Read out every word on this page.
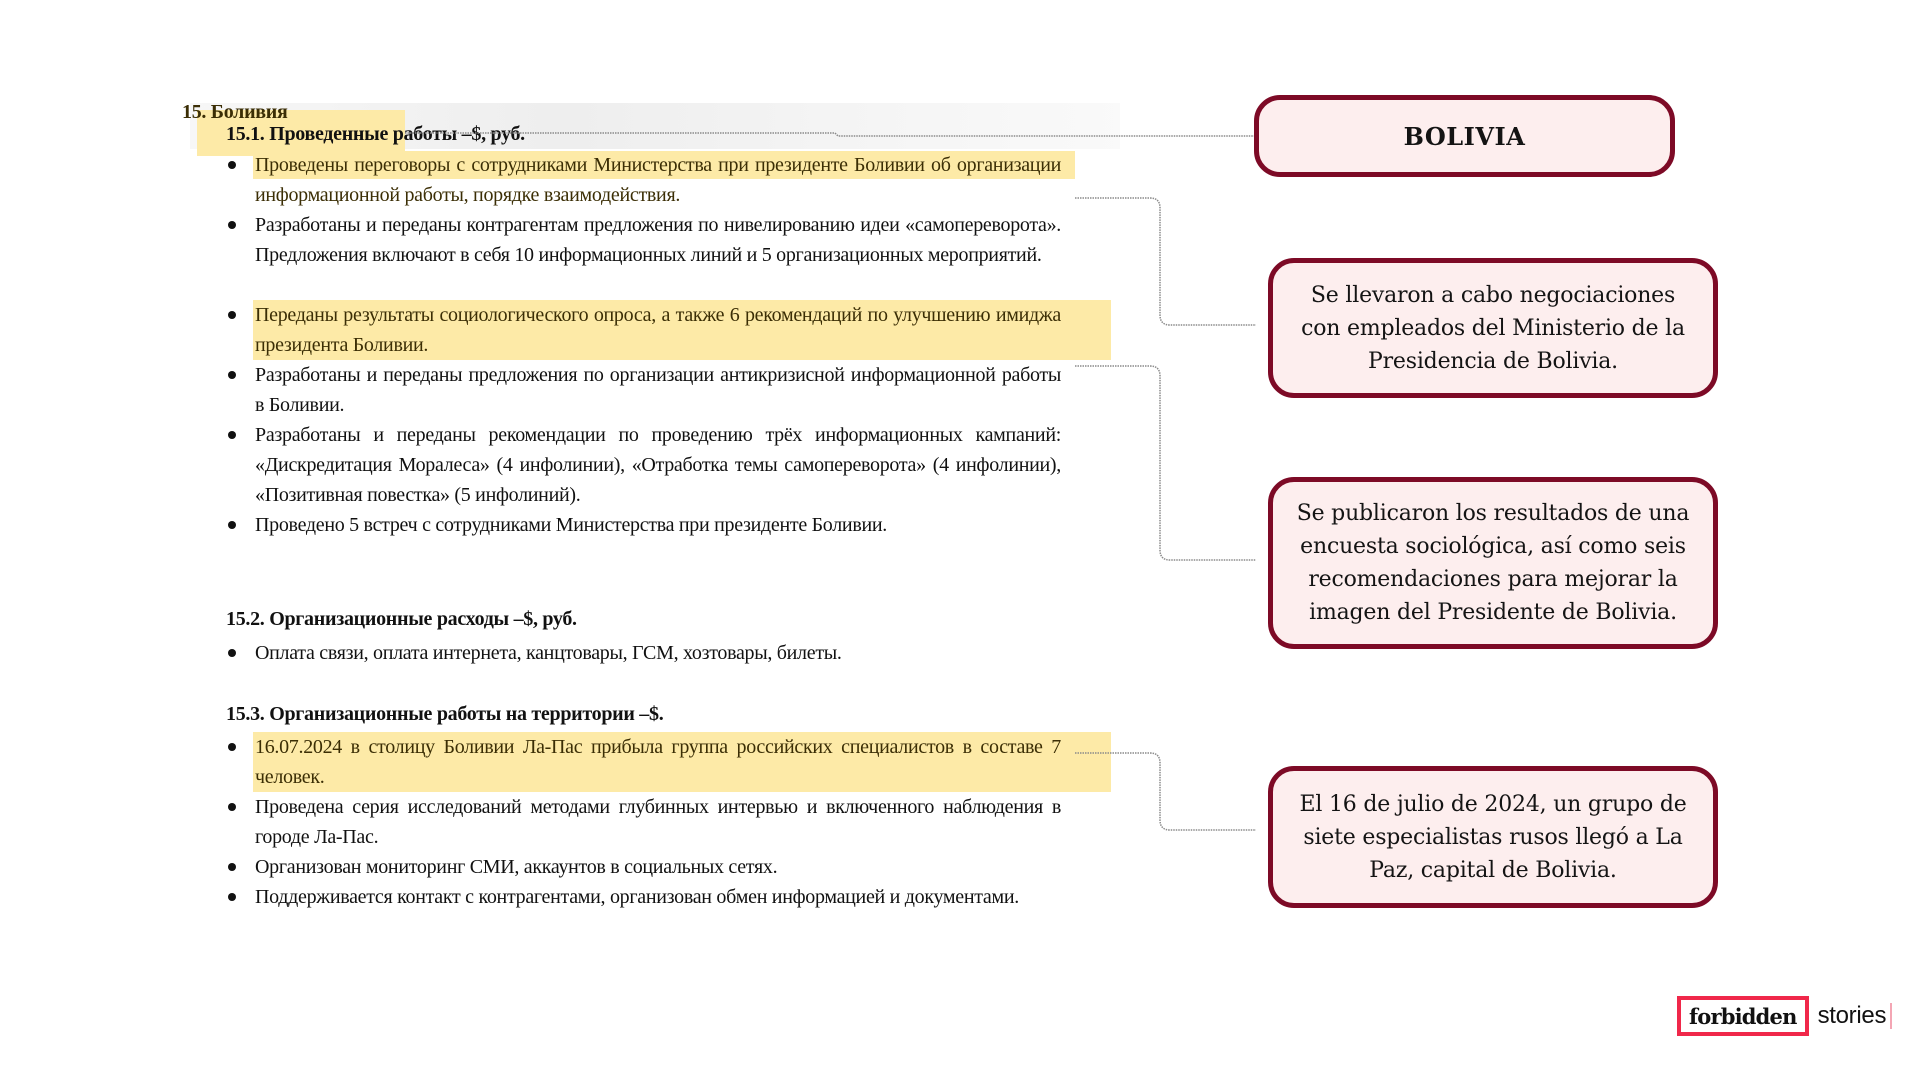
15. Боливия
15.1. Проведенные работы –$, руб.
Проведены переговоры с сотрудниками Министерства при президенте Боливии об организации информационной работы, порядке взаимодействия.
Разработаны и переданы контрагентам предложения по нивелированию идеи «самопереворота». Предложения включают в себя 10 информационных линий и 5 организационных мероприятий.
Переданы результаты социологического опроса, а также 6 рекомендаций по улучшению имиджа президента Боливии.
Разработаны и переданы предложения по организации антикризисной информационной работы в Боливии.
Разработаны и переданы рекомендации по проведению трёх информационных кампаний: «Дискредитация Моралеса» (4 инфолинии), «Отработка темы самопереворота» (4 инфолинии), «Позитивная повестка» (5 инфолиний).
Проведено 5 встреч с сотрудниками Министерства при президенте Боливии.
15.2. Организационные расходы –$, руб.
Оплата связи, оплата интернета, канцтовары, ГСМ, хозтовары, билеты.
15.3. Организационные работы на территории –$.
16.07.2024 в столицу Боливии Ла-Пас прибыла группа российских специалистов в составе 7 человек.
Проведена серия исследований методами глубинных интервью и включенного наблюдения в городе Ла-Пас.
Организован мониторинг СМИ, аккаунтов в социальных сетях.
Поддерживается контакт с контрагентами, организован обмен информацией и документами.
BOLIVIA
Se llevaron a cabo negociaciones con empleados del Ministerio de la Presidencia de Bolivia.
Se publicaron los resultados de una encuesta sociológica, así como seis recomendaciones para mejorar la imagen del Presidente de Bolivia.
El 16 de julio de 2024, un grupo de siete especialistas rusos llegó a La Paz, capital de Bolivia.
forbidden stories
